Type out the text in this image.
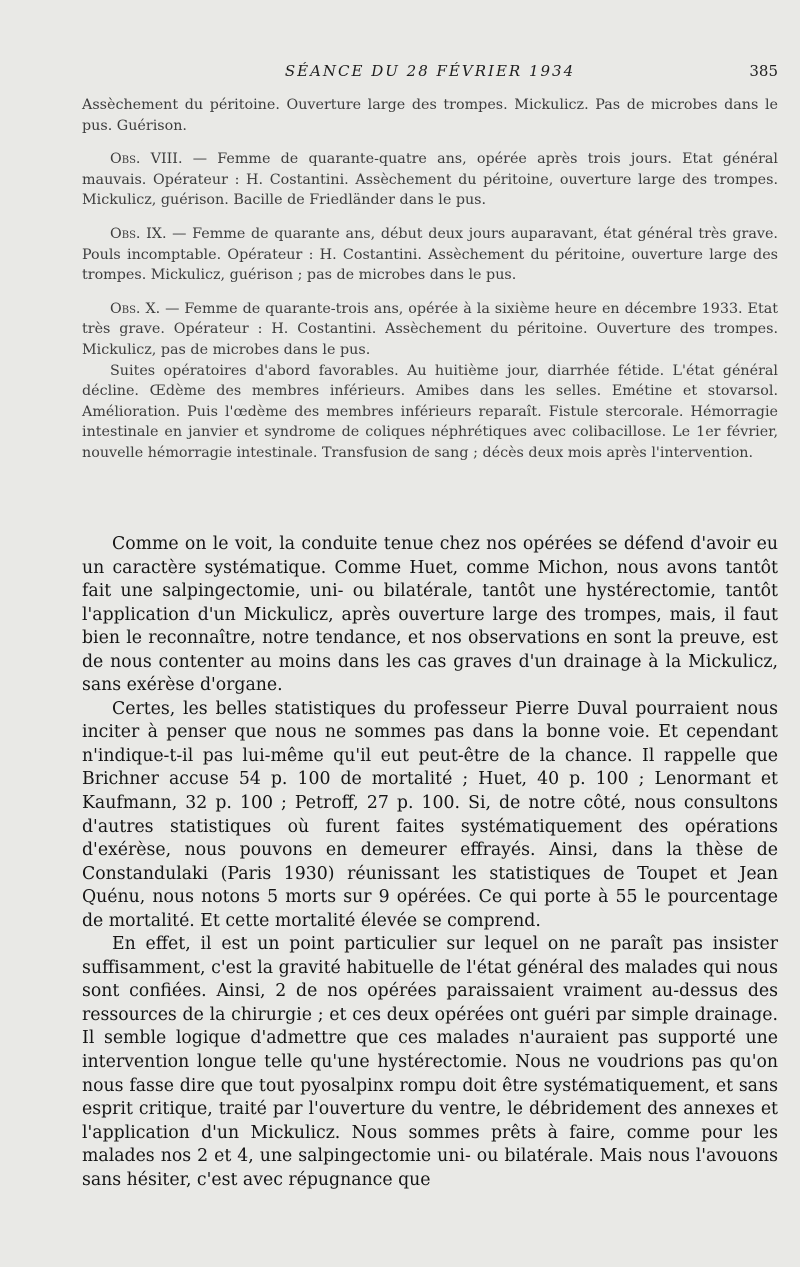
SÉANCE DU 28 FÉVRIER 1934	385

Assèchement du péritoine. Ouverture large des trompes. Mickulicz. Pas de microbes dans le pus. Guérison.

Obs. VIII. — Femme de quarante-quatre ans, opérée après trois jours. Etat général mauvais. Opérateur : H. Costantini. Assèchement du péritoine, ouverture large des trompes. Mickulicz, guérison. Bacille de Friedländer dans le pus.

Obs. IX. — Femme de quarante ans, début deux jours auparavant, état général très grave. Pouls incomptable. Opérateur : H. Costantini. Assèchement du péritoine, ouverture large des trompes. Mickulicz, guérison ; pas de microbes dans le pus.

Obs. X. — Femme de quarante-trois ans, opérée à la sixième heure en décembre 1933. Etat très grave. Opérateur : H. Costantini. Assèchement du péritoine. Ouverture des trompes. Mickulicz, pas de microbes dans le pus.

Suites opératoires d'abord favorables. Au huitième jour, diarrhée fétide. L'état général décline. Œdème des membres inférieurs. Amibes dans les selles. Emétine et stovarsol. Amélioration. Puis l'œdème des membres inférieurs reparaît. Fistule stercorale. Hémorragie intestinale en janvier et syndrome de coliques néphrétiques avec colibacillose. Le 1er février, nouvelle hémorragie intestinale. Transfusion de sang ; décès deux mois après l'intervention.

Comme on le voit, la conduite tenue chez nos opérées se défend d'avoir eu un caractère systématique. Comme Huet, comme Michon, nous avons tantôt fait une salpingectomie, uni- ou bilatérale, tantôt une hystérectomie, tantôt l'application d'un Mickulicz, après ouverture large des trompes, mais, il faut bien le reconnaître, notre tendance, et nos observations en sont la preuve, est de nous contenter au moins dans les cas graves d'un drainage à la Mickulicz, sans exérèse d'organe.

Certes, les belles statistiques du professeur Pierre Duval pourraient nous inciter à penser que nous ne sommes pas dans la bonne voie. Et cependant n'indique-t-il pas lui-même qu'il eut peut-être de la chance. Il rappelle que Brichner accuse 54 p. 100 de mortalité ; Huet, 40 p. 100 ; Lenormant et Kaufmann, 32 p. 100 ; Petroff, 27 p. 100. Si, de notre côté, nous consultons d'autres statistiques où furent faites systématiquement des opérations d'exérèse, nous pouvons en demeurer effrayés. Ainsi, dans la thèse de Constandulaki (Paris 1930) réunissant les statistiques de Toupet et Jean Quénu, nous notons 5 morts sur 9 opérées. Ce qui porte à 55 le pourcentage de mortalité. Et cette mortalité élevée se comprend.

En effet, il est un point particulier sur lequel on ne paraît pas insister suffisamment, c'est la gravité habituelle de l'état général des malades qui nous sont confiées. Ainsi, 2 de nos opérées paraissaient vraiment au-dessus des ressources de la chirurgie ; et ces deux opérées ont guéri par simple drainage. Il semble logique d'admettre que ces malades n'auraient pas supporté une intervention longue telle qu'une hystérectomie. Nous ne voudrions pas qu'on nous fasse dire que tout pyosalpinx rompu doit être systématiquement, et sans esprit critique, traité par l'ouverture du ventre, le débridement des annexes et l'application d'un Mickulicz. Nous sommes prêts à faire, comme pour les malades nos 2 et 4, une salpingectomie uni- ou bilatérale. Mais nous l'avouons sans hésiter, c'est avec répugnance que
